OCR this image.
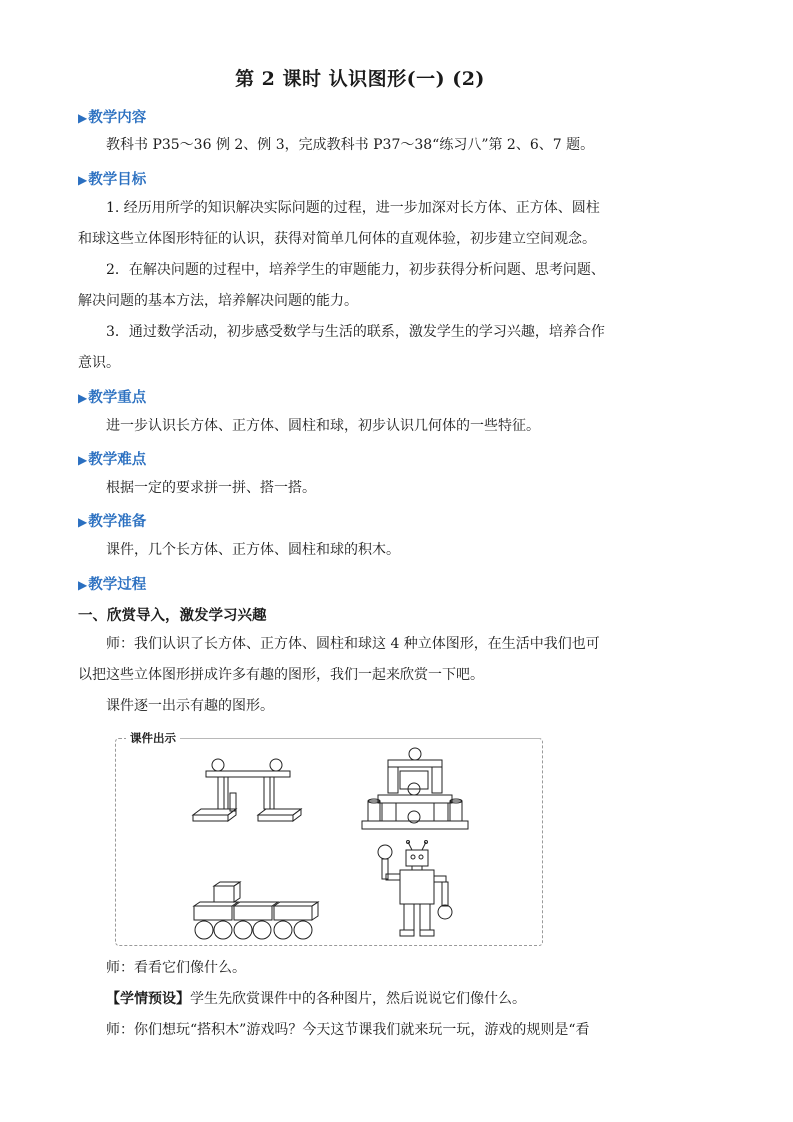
第 2 课时 认识图形(一) (2)
▶教学内容
教科书 P35～36 例 2、例 3，完成教科书 P37～38“练习八”第 2、6、7 题。
▶教学目标
1. 经历用所学的知识解决实际问题的过程，进一步加深对长方体、正方体、圆柱和球这些立体图形特征的认识，获得对简单几何体的直观体验，初步建立空间观念。
2．在解决问题的过程中，培养学生的审题能力，初步获得分析问题、思考问题、解决问题的基本方法，培养解决问题的能力。
3．通过数学活动，初步感受数学与生活的联系，激发学生的学习兴趣，培养合作意识。
▶教学重点
进一步认识长方体、正方体、圆柱和球，初步认识几何体的一些特征。
▶教学难点
根据一定的要求拼一拼、搭一搭。
▶教学准备
课件，几个长方体、正方体、圆柱和球的积木。
▶教学过程
一、欣赏导入，激发学习兴趣
师：我们认识了长方体、正方体、圆柱和球这 4 种立体图形，在生活中我们也可以把这些立体图形拼成许多有趣的图形，我们一起来欣赏一下吧。
课件逐一出示有趣的图形。
课件出示
师：看看它们像什么。
【学情预设】学生先欣赏课件中的各种图片，然后说说它们像什么。
师：你们想玩“搭积木”游戏吗？今天这节课我们就来玩一玩，游戏的规则是“看
